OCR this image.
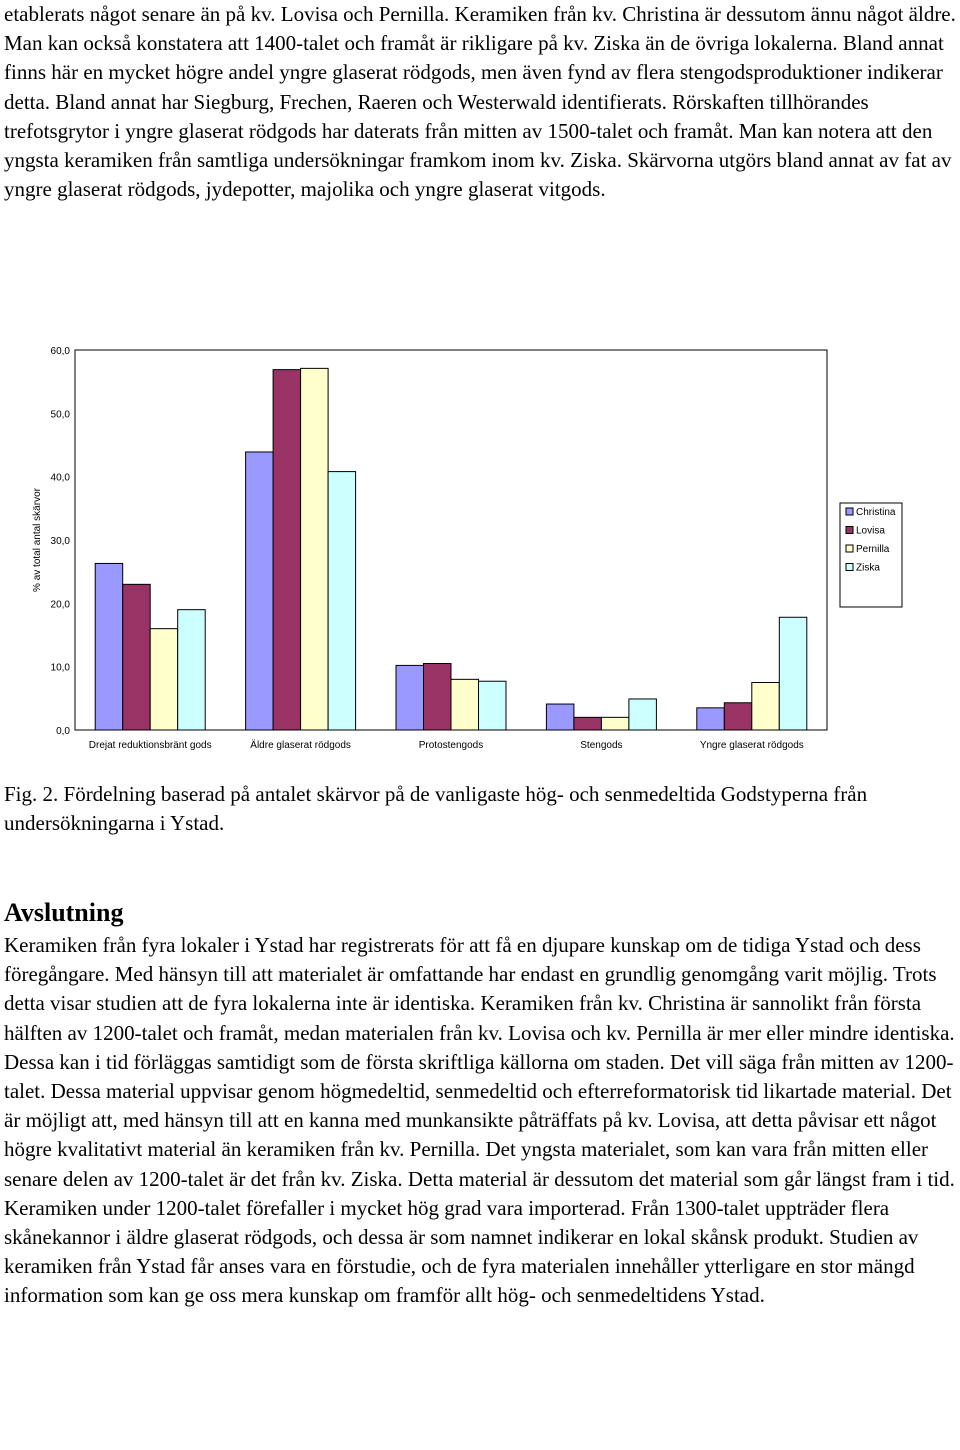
etablerats något senare än på kv. Lovisa och Pernilla. Keramiken från kv. Christina är dessutom ännu något äldre. Man kan också konstatera att 1400-talet och framåt är rikligare på kv. Ziska än de övriga lokalerna. Bland annat finns här en mycket högre andel yngre glaserat rödgods, men även fynd av flera stengodsproduktioner indikerar detta. Bland annat har Siegburg, Frechen, Raeren och Westerwald identifierats. Rörskaften tillhörandes trefotsgrytor i yngre glaserat rödgods har daterats från mitten av 1500-talet och framåt. Man kan notera att den yngsta keramiken från samtliga undersökningar framkom inom kv. Ziska. Skärvorna utgörs bland annat av fat av yngre glaserat rödgods, jydepotter, majolika och yngre glaserat vitgods.

0,0
10,0
20,0
30,0
40,0
50,0
60,0
Drejat reduktionsbränt gods	Äldre glaserat rödgods	Protostengods	Stengods	Yngre glaserat rödgods
% av total antal skärvor	Christina
Lovisa
Pernilla
Ziska

Fig. 2. Fördelning baserad på antalet skärvor på de vanligaste hög- och senmedeltida Godstyperna från undersökningarna i Ystad.

Avslutning

Keramiken från fyra lokaler i Ystad har registrerats för att få en djupare kunskap om de tidiga Ystad och dess föregångare. Med hänsyn till att materialet är omfattande har endast en grundlig genomgång varit möjlig. Trots detta visar studien att de fyra lokalerna inte är identiska. Keramiken från kv. Christina är sannolikt från första hälften av 1200-talet och framåt, medan materialen från kv. Lovisa och kv. Pernilla är mer eller mindre identiska. Dessa kan i tid förläggas samtidigt som de första skriftliga källorna om staden. Det vill säga från mitten av 1200-talet. Dessa material uppvisar genom högmedeltid, senmedeltid och efterreformatorisk tid likartade material. Det är möjligt att, med hänsyn till att en kanna med munkansikte påträffats på kv. Lovisa, att detta påvisar ett något högre kvalitativt material än keramiken från kv. Pernilla. Det yngsta materialet, som kan vara från mitten eller senare delen av 1200-talet är det från kv. Ziska. Detta material är dessutom det material som går längst fram i tid. Keramiken under 1200-talet förefaller i mycket hög grad vara importerad. Från 1300-talet uppträder flera skånekannor i äldre glaserat rödgods, och dessa är som namnet indikerar en lokal skånsk produkt. Studien av keramiken från Ystad får anses vara en förstudie, och de fyra materialen innehåller ytterligare en stor mängd information som kan ge oss mera kunskap om framför allt hög- och senmedeltidens Ystad.
